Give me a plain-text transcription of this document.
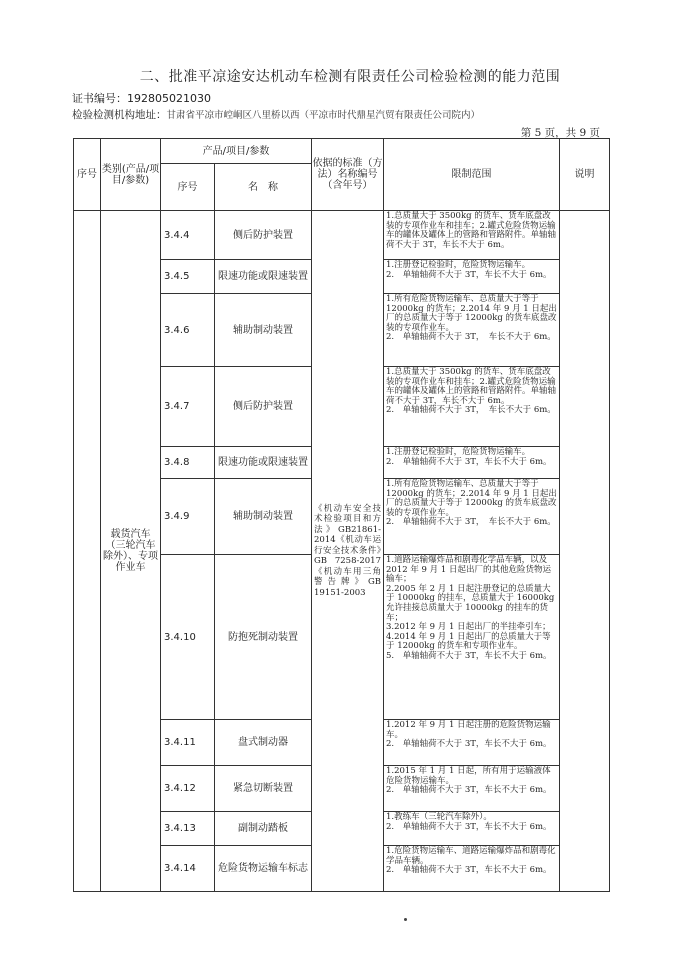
二、批准平凉途安达机动车检测有限责任公司检验检测的能力范围
证书编号：192805021030
检验检测机构地址：甘肃省平凉市崆峒区八里桥以西（平凉市时代鼎星汽贸有限责任公司院内）
第 5 页，共 9 页
序号	类别(产品/项目/参数)	产品/项目/参数		依据的标准（方法）名称编号（含年号）	限制范围	说明
		序号	名　称			
	载货汽车（三轮汽车除外）、专项作业车	3.4.4	侧后防护装置	《机动车安全技术检验项目和方法》GB21861-2014《机动车运行安全技术条件》GB 7258-2017《机动车用三角警告牌》GB 19151-2003	1.总质量大于 3500kg 的货车、货车底盘改装的专项作业车和挂车；2.罐式危险货物运输车的罐体及罐体上的管路和管路附件。单轴轴荷不大于 3T，车长不大于 6m。	

		3.4.5	限速功能或限速装置		1.注册登记检验时，危险货物运输车。
2.　单轴轴荷不大于 3T，车长不大于 6m。	

		3.4.6	辅助制动装置		1.所有危险货物运输车、总质量大于等于 12000kg 的货车；2.2014 年 9 月 1 日起出厂的总质量大于等于 12000kg 的货车底盘改装的专项作业车。
2.　单轴轴荷不大于 3T，　车长不大于 6m。	

		3.4.7	侧后防护装置		1.总质量大于 3500kg 的货车、货车底盘改装的专项作业车和挂车；2.罐式危险货物运输车的罐体及罐体上的管路和管路附件。单轴轴荷不大于 3T，车长不大于 6m。
2.　单轴轴荷不大于 3T，　车长不大于 6m。	

		3.4.8	限速功能或限速装置		1.注册登记检验时，危险货物运输车。
2.　单轴轴荷不大于 3T，车长不大于 6m。	

		3.4.9	辅助制动装置		1.所有危险货物运输车、总质量大于等于 12000kg 的货车；2.2014 年 9 月 1 日起出厂的总质量大于等于 12000kg 的货车底盘改装的专项作业车。
2.　单轴轴荷不大于 3T，　车长不大于 6m。	

		3.4.10	防抱死制动装置		1.道路运输爆炸品和剧毒化学品车辆，以及 2012 年 9 月 1 日起出厂的其他危险货物运输车；
2.2005 年 2 月 1 日起注册登记的总质量大于 10000kg 的挂车，总质量大于 16000kg 允许挂接总质量大于 10000kg 的挂车的货车；
3.2012 年 9 月 1 日起出厂的半挂牵引车；
4.2014 年 9 月 1 日起出厂的总质量大于等于 12000kg 的货车和专项作业车。
5.　单轴轴荷不大于 3T，车长不大于 6m。	

		3.4.11	盘式制动器		1.2012 年 9 月 1 日起注册的危险货物运输车。
2.　单轴轴荷不大于 3T，车长不大于 6m。	

		3.4.12	紧急切断装置		1.2015 年 1 月 1 日起，所有用于运输液体危险货物运输车。
2.　单轴轴荷不大于 3T，车长不大于 6m。	

		3.4.13	副制动踏板		1.教练车（三轮汽车除外）。
2.　单轴轴荷不大于 3T，车长不大于 6m。	

		3.4.14	危险货物运输车标志		1.危险货物运输车、道路运输爆炸品和剧毒化学品车辆。
2.　单轴轴荷不大于 3T，车长不大于 6m。	
